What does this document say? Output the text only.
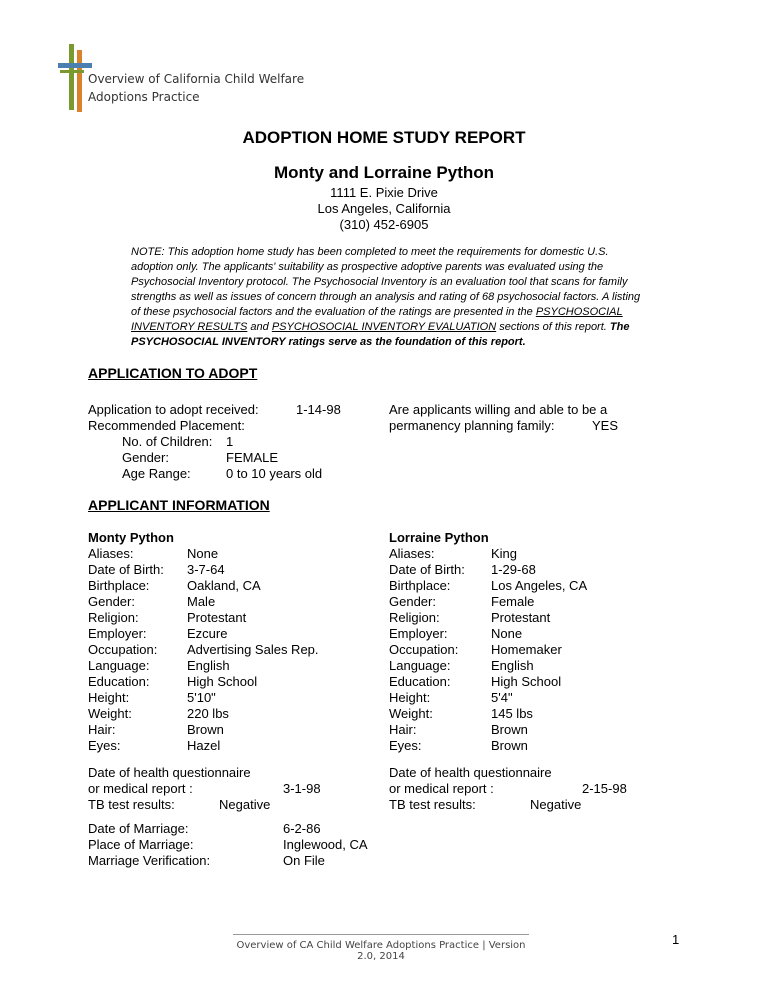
Overview of California Child Welfare
Adoptions Practice
ADOPTION HOME STUDY REPORT
Monty and Lorraine Python
1111 E. Pixie Drive
Los Angeles, California
(310) 452-6905
NOTE: This adoption home study has been completed to meet the requirements for domestic U.S. adoption only. The applicants' suitability as prospective adoptive parents was evaluated using the Psychosocial Inventory protocol. The Psychosocial Inventory is an evaluation tool that scans for family strengths as well as issues of concern through an analysis and rating of 68 psychosocial factors. A listing of these psychosocial factors and the evaluation of the ratings are presented in the PSYCHOSOCIAL INVENTORY RESULTS and PSYCHOSOCIAL INVENTORY EVALUATION sections of this report. The PSYCHOSOCIAL INVENTORY ratings serve as the foundation of this report.
APPLICATION TO ADOPT
Application to adopt received:	1-14-98
Recommended Placement:
No. of Children: 1
Gender:	FEMALE
Age Range:	0 to 10 years old
Are applicants willing and able to be a
permanency planning family:	YES
APPLICANT INFORMATION
Monty Python
Aliases:	None
Date of Birth: 3-7-64
Birthplace:	Oakland, CA
Gender:	Male
Religion:	Protestant
Employer:	Ezcure
Occupation: Advertising Sales Rep.
Language:	English
Education:	High School
Height:	5'10"
Weight:	220 lbs
Hair:	Brown
Eyes:	Hazel
Lorraine Python
Aliases:	King
Date of Birth: 1-29-68
Birthplace:	Los Angeles, CA
Gender:	Female
Religion:	Protestant
Employer:	None
Occupation:	Homemaker
Language:	English
Education:	High School
Height:	5'4"
Weight:	145 lbs
Hair:	Brown
Eyes:	Brown
Date of health questionnaire
or medical report :	3-1-98
TB test results:	Negative
Date of health questionnaire
or medical report :	2-15-98
TB test results:	Negative
Date of Marriage:	6-2-86
Place of Marriage:	Inglewood, CA
Marriage Verification:	On File
Overview of CA Child Welfare Adoptions Practice | Version 2.0, 2014
1
